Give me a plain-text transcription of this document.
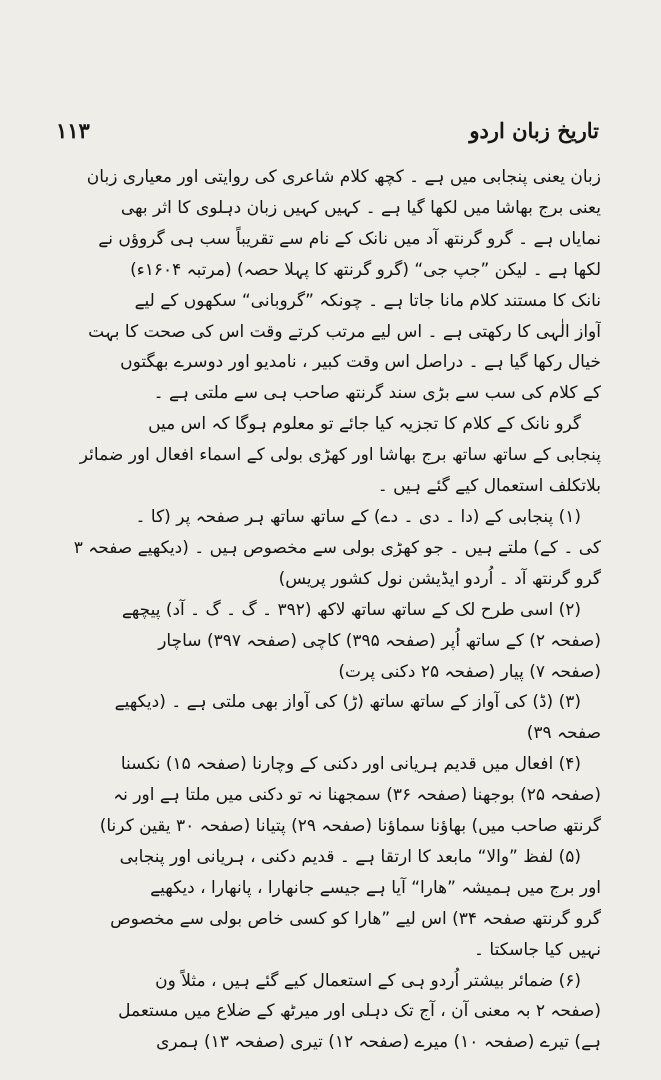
تاریخ زبان اردو
۱۱۳
زبان یعنی پنجابی میں ہے ۔ کچھ کلام شاعری کی روایتی اور معیاری زبان
یعنی برج بھاشا میں لکھا گیا ہے ۔ کہیں کہیں زبان دہلوی کا اثر بھی
نمایاں ہے ۔ گرو گرنتھ آد میں نانک کے نام سے تقریباً سب ہی گروؤں نے
لکھا ہے ۔ لیکن ”جپ جی“ (گرو گرنتھ کا پہلا حصہ) (مرتبہ ۱۶۰۴ء)
نانک کا مستند کلام مانا جاتا ہے ۔ چونکہ ”گروبانی“ سکھوں کے لیے
آواز الٰہی کا رکھتی ہے ۔ اس لیے مرتب کرتے وقت اس کی صحت کا بہت
خیال رکھا گیا ہے ۔ دراصل اس وقت کبیر ، نامدیو اور دوسرے بھگتوں
کے کلام کی سب سے بڑی سند گرنتھ صاحب ہی سے ملتی ہے ۔
گرو نانک کے کلام کا تجزیہ کیا جائے تو معلوم ہوگا کہ اس میں
پنجابی کے ساتھ ساتھ برج بھاشا اور کھڑی بولی کے اسماء افعال اور ضمائر
بلاتکلف استعمال کیے گئے ہیں ۔
(۱) پنجابی کے (دا ۔ دی ۔ دے) کے ساتھ ساتھ ہر صفحہ پر (کا ۔
کی ۔ کے) ملتے ہیں ۔ جو کھڑی بولی سے مخصوص ہیں ۔ (دیکھیے صفحہ ۳
گرو گرنتھ آد ۔ اُردو ایڈیشن نول کشور پریس)
(۲) اسی طرح لک کے ساتھ ساتھ لاکھ (۳۹۲ ۔ گ ۔ گ ۔ آد) پیچھے
(صفحہ ۲) کے ساتھ اُپر (صفحہ ۳۹۵) کاچی (صفحہ ۳۹۷) ساچار
(صفحہ ۷) پیار (صفحہ ۲۵ دکنی پرت)
(۳) (ڈ) کی آواز کے ساتھ ساتھ (ڑ) کی آواز بھی ملتی ہے ۔ (دیکھیے
صفحہ ۳۹)
(۴) افعال میں قدیم ہریانی اور دکنی کے وچارنا (صفحہ ۱۵) نکسنا
(صفحہ ۲۵) بوجھنا (صفحہ ۳۶) سمجھنا نہ تو دکنی میں ملتا ہے اور نہ
گرنتھ صاحب میں) بھاؤنا سماؤنا (صفحہ ۲۹) پتیانا (صفحہ ۳۰ یقین کرنا)
(۵) لفظ ”والا“ مابعد کا ارتقا ہے ۔ قدیم دکنی ، ہریانی اور پنجابی
اور برج میں ہمیشہ ”ھارا“ آیا ہے جیسے جانھارا ، پانھارا ، دیکھیے
گرو گرنتھ صفحہ ۳۴) اس لیے ”ھارا کو کسی خاص بولی سے مخصوص
نہیں کیا جاسکتا ۔
(۶) ضمائر بیشتر اُردو ہی کے استعمال کیے گئے ہیں ، مثلاً ون
(صفحہ ۲ بہ معنی آن ، آج تک دہلی اور میرٹھ کے ضلاع میں مستعمل
ہے) تیرے (صفحہ ۱۰) میرے (صفحہ ۱۲) تیری (صفحہ ۱۳) ہمری
